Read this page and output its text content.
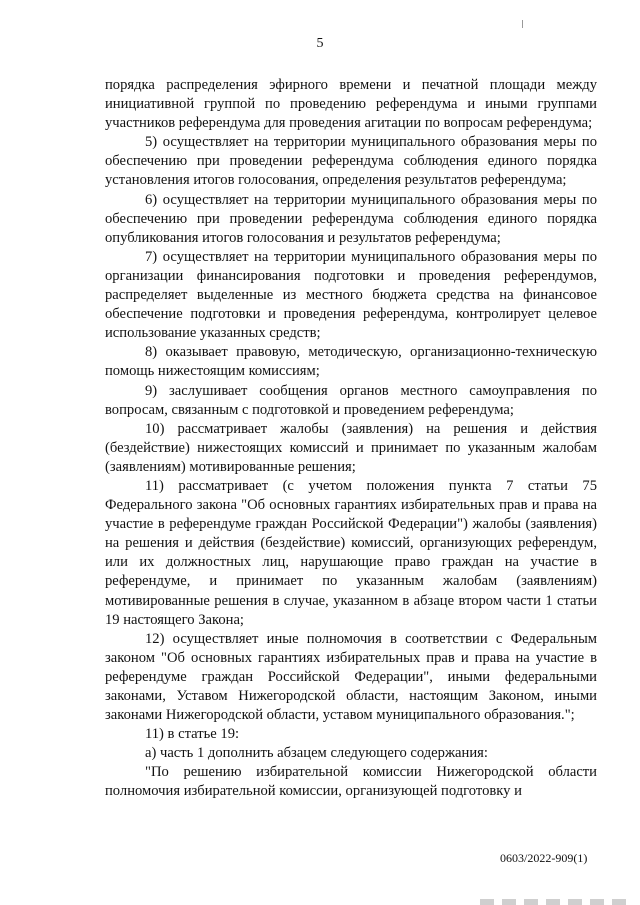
5

порядка распределения эфирного времени и печатной площади между инициативной группой по проведению референдума и иными группами участников референдума для проведения агитации по вопросам референдума;

5) осуществляет на территории муниципального образования меры по обеспечению при проведении референдума соблюдения единого порядка установления итогов голосования, определения результатов референдума;

6) осуществляет на территории муниципального образования меры по обеспечению при проведении референдума соблюдения единого порядка опубликования итогов голосования и результатов референдума;

7) осуществляет на территории муниципального образования меры по организации финансирования подготовки и проведения референдумов, распределяет выделенные из местного бюджета средства на финансовое обеспечение подготовки и проведения референдума, контролирует целевое использование указанных средств;

8) оказывает правовую, методическую, организационно-техническую помощь нижестоящим комиссиям;

9) заслушивает сообщения органов местного самоуправления по вопросам, связанным с подготовкой и проведением референдума;

10) рассматривает жалобы (заявления) на решения и действия (бездействие) нижестоящих комиссий и принимает по указанным жалобам (заявлениям) мотивированные решения;

11) рассматривает (с учетом положения пункта 7 статьи 75 Федерального закона "Об основных гарантиях избирательных прав и права на участие в референдуме граждан Российской Федерации") жалобы (заявления) на решения и действия (бездействие) комиссий, организующих референдум, или их должностных лиц, нарушающие право граждан на участие в референдуме, и принимает по указанным жалобам (заявлениям) мотивированные решения в случае, указанном в абзаце втором части 1 статьи 19 настоящего Закона;

12) осуществляет иные полномочия в соответствии с Федеральным законом "Об основных гарантиях избирательных прав и права на участие в референдуме граждан Российской Федерации", иными федеральными законами, Уставом Нижегородской области, настоящим Законом, иными законами Нижегородской области, уставом муниципального образования.";

11) в статье 19:

а) часть 1 дополнить абзацем следующего содержания:

"По решению избирательной комиссии Нижегородской области полномочия избирательной комиссии, организующей подготовку и

0603/2022-909(1)
